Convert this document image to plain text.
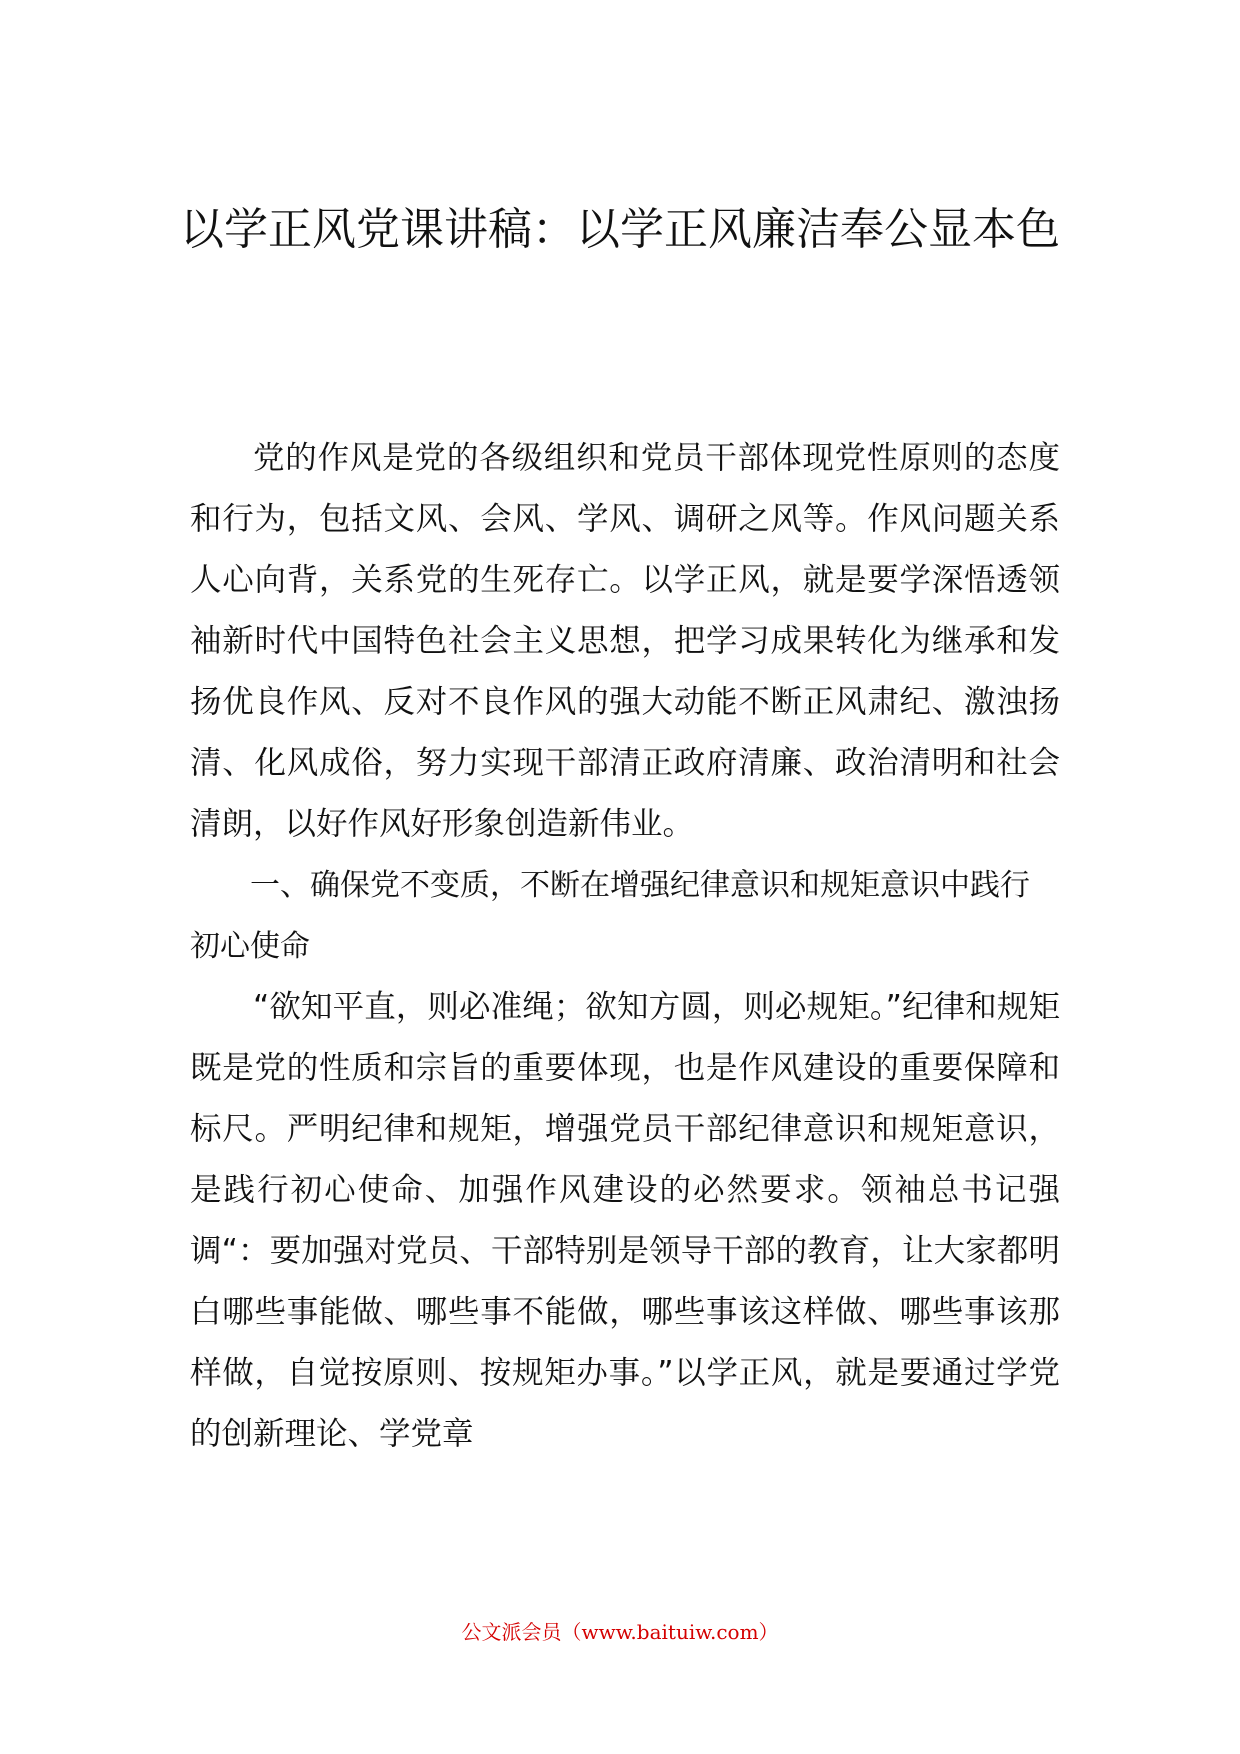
以学正风党课讲稿：以学正风廉洁奉公显本色

党的作风是党的各级组织和党员干部体现党性原则的态度和行为，包括文风、会风、学风、调研之风等。作风问题关系人心向背，关系党的生死存亡。以学正风，就是要学深悟透领袖新时代中国特色社会主义思想，把学习成果转化为继承和发扬优良作风、反对不良作风的强大动能不断正风肃纪、激浊扬清、化风成俗，努力实现干部清正政府清廉、政治清明和社会清朗，以好作风好形象创造新伟业。

一、确保党不变质，不断在增强纪律意识和规矩意识中践行初心使命

“欲知平直，则必准绳；欲知方圆，则必规矩。”纪律和规矩既是党的性质和宗旨的重要体现，也是作风建设的重要保障和标尺。严明纪律和规矩，增强党员干部纪律意识和规矩意识，是践行初心使命、加强作风建设的必然要求。领袖总书记强调“：要加强对党员、干部特别是领导干部的教育，让大家都明白哪些事能做、哪些事不能做，哪些事该这样做、哪些事该那样做，自觉按原则、按规矩办事。”以学正风，就是要通过学党的创新理论、学党章

公文派会员（www.baituiw.com）
